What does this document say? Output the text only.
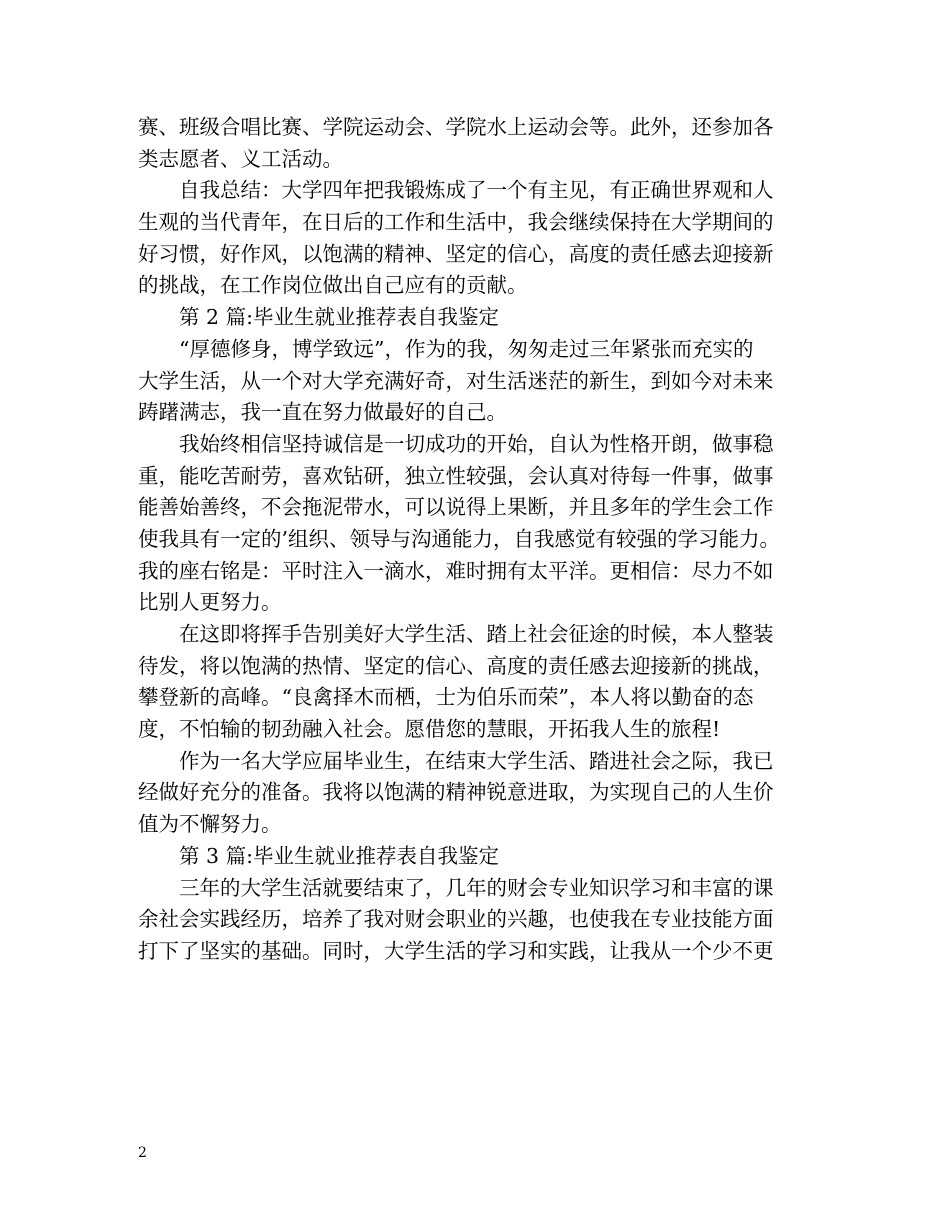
赛、班级合唱比赛、学院运动会、学院水上运动会等。此外，还参加各
类志愿者、义工活动。

自我总结：大学四年把我锻炼成了一个有主见，有正确世界观和人
生观的当代青年，在日后的工作和生活中，我会继续保持在大学期间的
好习惯，好作风，以饱满的精神、坚定的信心，高度的责任感去迎接新
的挑战，在工作岗位做出自己应有的贡献。

第 2 篇:毕业生就业推荐表自我鉴定

“厚德修身，博学致远”，作为的我，匆匆走过三年紧张而充实的
大学生活，从一个对大学充满好奇，对生活迷茫的新生，到如今对未来
踌躇满志，我一直在努力做最好的自己。

我始终相信坚持诚信是一切成功的开始，自认为性格开朗，做事稳
重，能吃苦耐劳，喜欢钻研，独立性较强，会认真对待每一件事，做事
能善始善终，不会拖泥带水，可以说得上果断，并且多年的学生会工作
使我具有一定的’组织、领导与沟通能力，自我感觉有较强的学习能力。
我的座右铭是：平时注入一滴水，难时拥有太平洋。更相信：尽力不如
比别人更努力。

在这即将挥手告别美好大学生活、踏上社会征途的时候，本人整装
待发，将以饱满的热情、坚定的信心、高度的责任感去迎接新的挑战，
攀登新的高峰。“良禽择木而栖，士为伯乐而荣”，本人将以勤奋的态
度，不怕输的韧劲融入社会。愿借您的慧眼，开拓我人生的旅程!

作为一名大学应届毕业生，在结束大学生活、踏进社会之际，我已
经做好充分的准备。我将以饱满的精神锐意进取，为实现自己的人生价
值为不懈努力。

第 3 篇:毕业生就业推荐表自我鉴定

三年的大学生活就要结束了，几年的财会专业知识学习和丰富的课
余社会实践经历，培养了我对财会职业的兴趣，也使我在专业技能方面
打下了坚实的基础。同时，大学生活的学习和实践，让我从一个少不更

2
